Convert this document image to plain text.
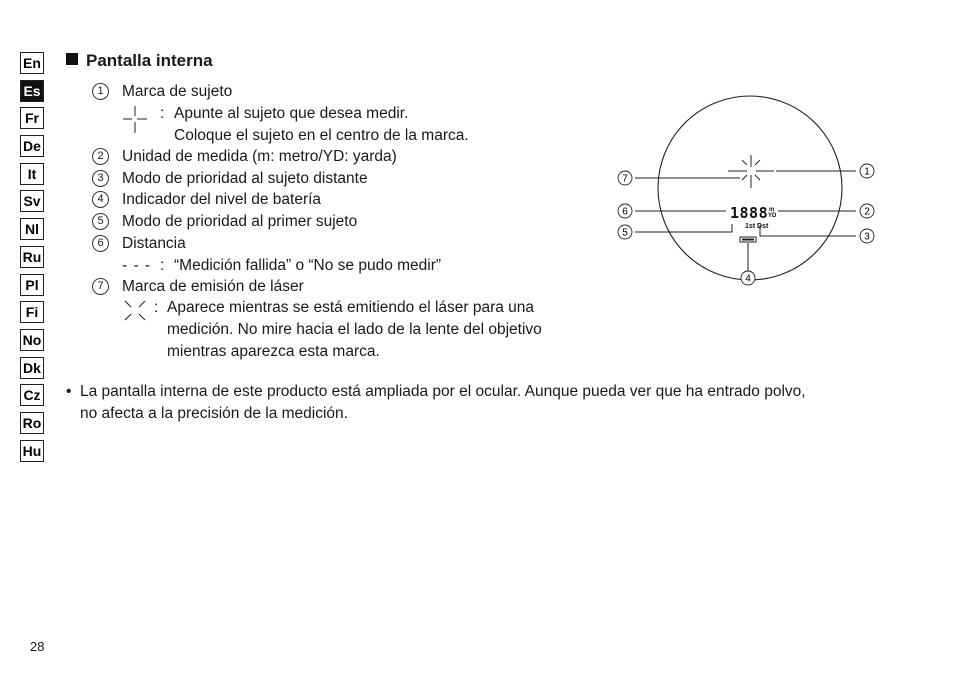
En
Es
Fr
De
It
Sv
Nl
Ru
Pl
Fi
No
Dk
Cz
Ro
Hu
Pantalla interna
1	Marca de sujeto
: Apunte al sujeto que desea medir.
Coloque el sujeto en el centro de la marca.
2	Unidad de medida (m: metro/YD: yarda)
3	Modo de prioridad al sujeto distante
4	Indicador del nivel de batería
5	Modo de prioridad al primer sujeto
6	Distancia
- - - : “Medición fallida” o “No se pudo medir”
7	Marca de emisión de láser
: Aparece mientras se está emitiendo el láser para una
medición. No mire hacia el lado de la lente del objetivo
mientras aparezca esta marca.
• La pantalla interna de este producto está ampliada por el ocular. Aunque pueda ver que ha entrado polvo,
no afecta a la precisión de la medición.
1888 m
YD
1st Dst
1
2
3
4
5
6
7
28
